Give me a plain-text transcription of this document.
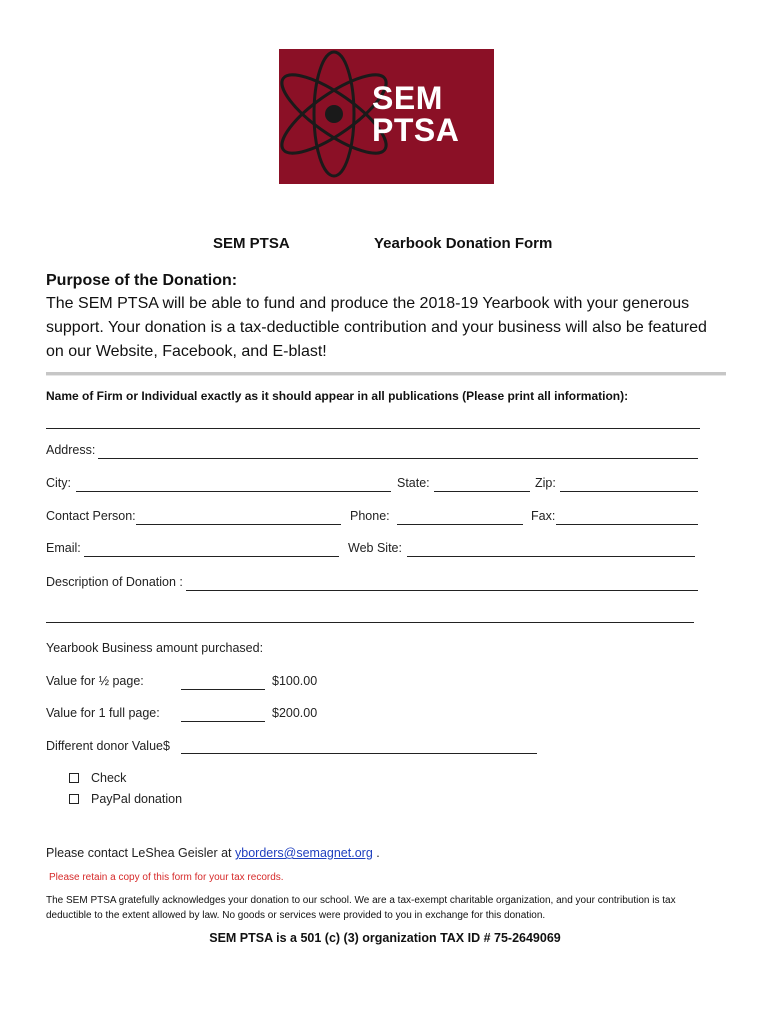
SEM
PTSA
SEM PTSA	Yearbook Donation Form
Purpose of the Donation:
The SEM PTSA will be able to fund and produce the 2018-19 Yearbook with your generous support. Your donation is a tax-deductible contribution and your business will also be featured on our Website, Facebook, and E-blast!
Name of Firm or Individual exactly as it should appear in all publications (Please print all information):
Address:
City:	State:	Zip:
Contact Person:	Phone:	Fax:
Email:	Web Site:
Description of Donation :
Yearbook Business amount purchased:
Value for ½ page:	$100.00
Value for 1 full page:	$200.00
Different donor Value$
Check
PayPal donation
Please contact LeShea Geisler at yborders@semagnet.org .
Please retain a copy of this form for your tax records.
The SEM PTSA gratefully acknowledges your donation to our school. We are a tax-exempt charitable organization, and your contribution is tax deductible to the extent allowed by law. No goods or services were provided to you in exchange for this donation.
SEM PTSA is a 501 (c) (3) organization TAX ID # 75-2649069
